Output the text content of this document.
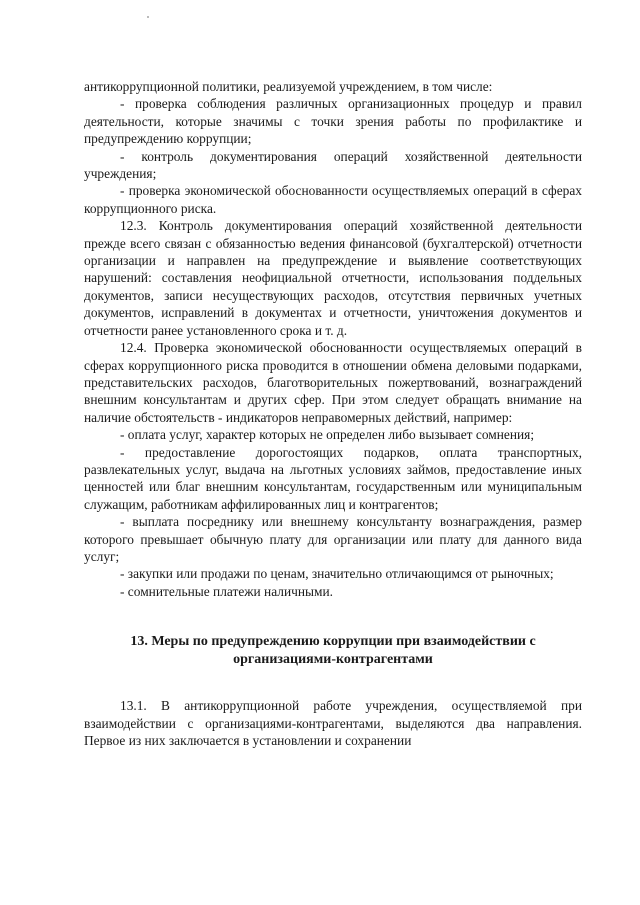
антикоррупционной политики, реализуемой учреждением, в том числе:

- проверка соблюдения различных организационных процедур и правил деятельности, которые значимы с точки зрения работы по профилактике и предупреждению коррупции;

- контроль документирования операций хозяйственной деятельности учреждения;

- проверка экономической обоснованности осуществляемых операций в сферах коррупционного риска.

12.3. Контроль документирования операций хозяйственной деятельности прежде всего связан с обязанностью ведения финансовой (бухгалтерской) отчетности организации и направлен на предупреждение и выявление соответствующих нарушений: составления неофициальной отчетности, использования поддельных документов, записи несуществующих расходов, отсутствия первичных учетных документов, исправлений в документах и отчетности, уничтожения документов и отчетности ранее установленного срока и т. д.

12.4. Проверка экономической обоснованности осуществляемых операций в сферах коррупционного риска проводится в отношении обмена деловыми подарками, представительских расходов, благотворительных пожертвований, вознаграждений внешним консультантам и других сфер. При этом следует обращать внимание на наличие обстоятельств - индикаторов неправомерных действий, например:

- оплата услуг, характер которых не определен либо вызывает сомнения;

- предоставление дорогостоящих подарков, оплата транспортных, развлекательных услуг, выдача на льготных условиях займов, предоставление иных ценностей или благ внешним консультантам, государственным или муниципальным служащим, работникам аффилированных лиц и контрагентов;

- выплата посреднику или внешнему консультанту вознаграждения, размер которого превышает обычную плату для организации или плату для данного вида услуг;

- закупки или продажи по ценам, значительно отличающимся от рыночных;

- сомнительные платежи наличными.

13. Меры по предупреждению коррупции при взаимодействии с организациями-контрагентами

13.1. В антикоррупционной работе учреждения, осуществляемой при взаимодействии с организациями-контрагентами, выделяются два направления. Первое из них заключается в установлении и сохранении
